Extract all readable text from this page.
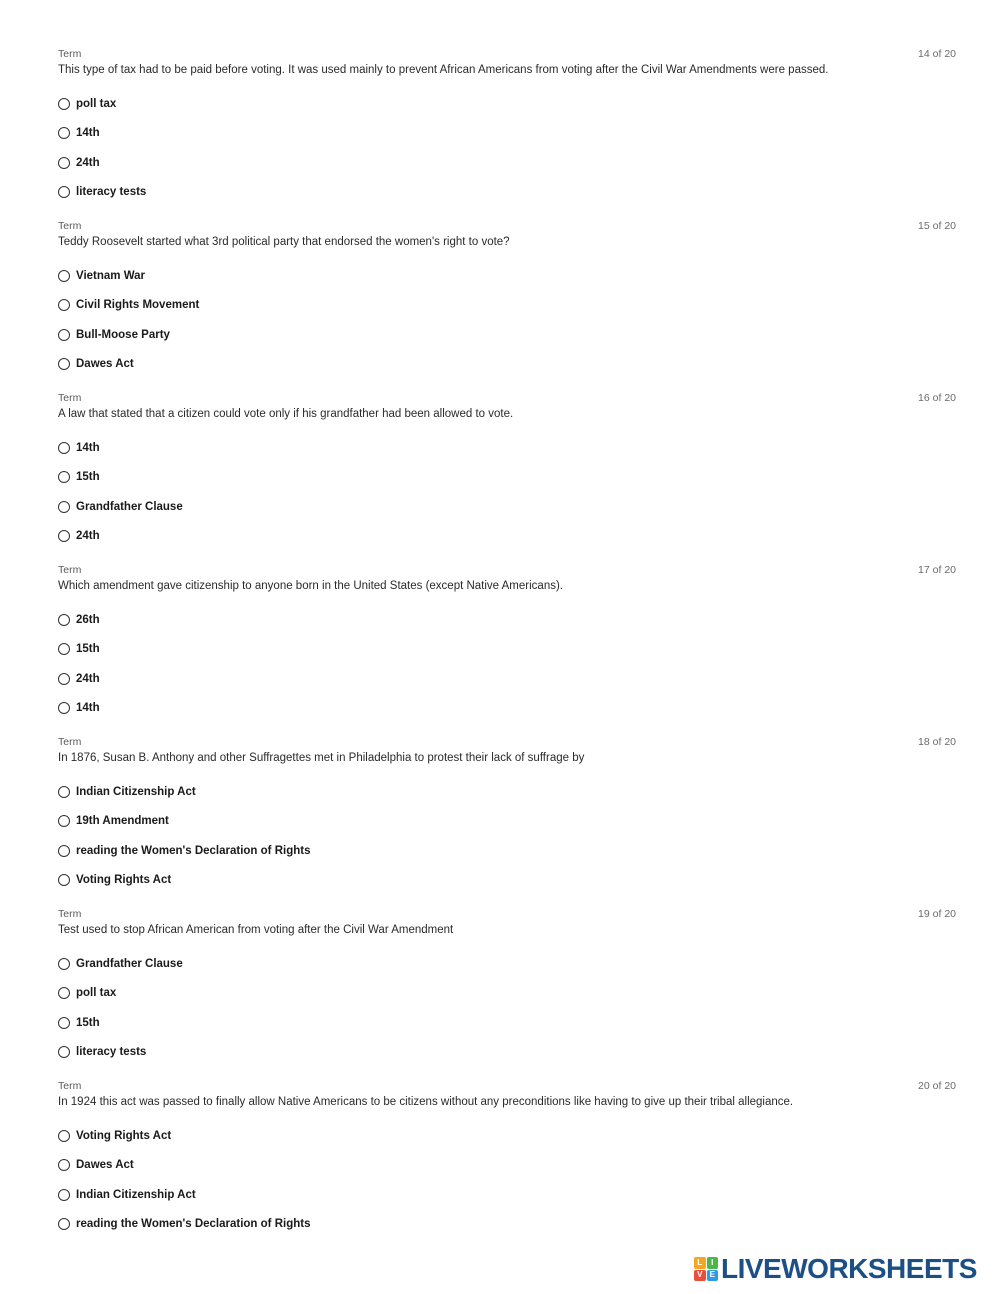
Term	14 of 20
This type of tax had to be paid before voting. It was used mainly to prevent African Americans from voting after the Civil War Amendments were passed.
poll tax
14th
24th
literacy tests
Term	15 of 20
Teddy Roosevelt started what 3rd political party that endorsed the women's right to vote?
Vietnam War
Civil Rights Movement
Bull-Moose Party
Dawes Act
Term	16 of 20
A law that stated that a citizen could vote only if his grandfather had been allowed to vote.
14th
15th
Grandfather Clause
24th
Term	17 of 20
Which amendment gave citizenship to anyone born in the United States (except Native Americans).
26th
15th
24th
14th
Term	18 of 20
In 1876, Susan B. Anthony and other Suffragettes met in Philadelphia to protest their lack of suffrage by
Indian Citizenship Act
19th Amendment
reading the Women's Declaration of Rights
Voting Rights Act
Term	19 of 20
Test used to stop African American from voting after the Civil War Amendment
Grandfather Clause
poll tax
15th
literacy tests
Term	20 of 20
In 1924 this act was passed to finally allow Native Americans to be citizens without any preconditions like having to give up their tribal allegiance.
Voting Rights Act
Dawes Act
Indian Citizenship Act
reading the Women's Declaration of Rights
L	I
V E LIVEWORKSHEETS
